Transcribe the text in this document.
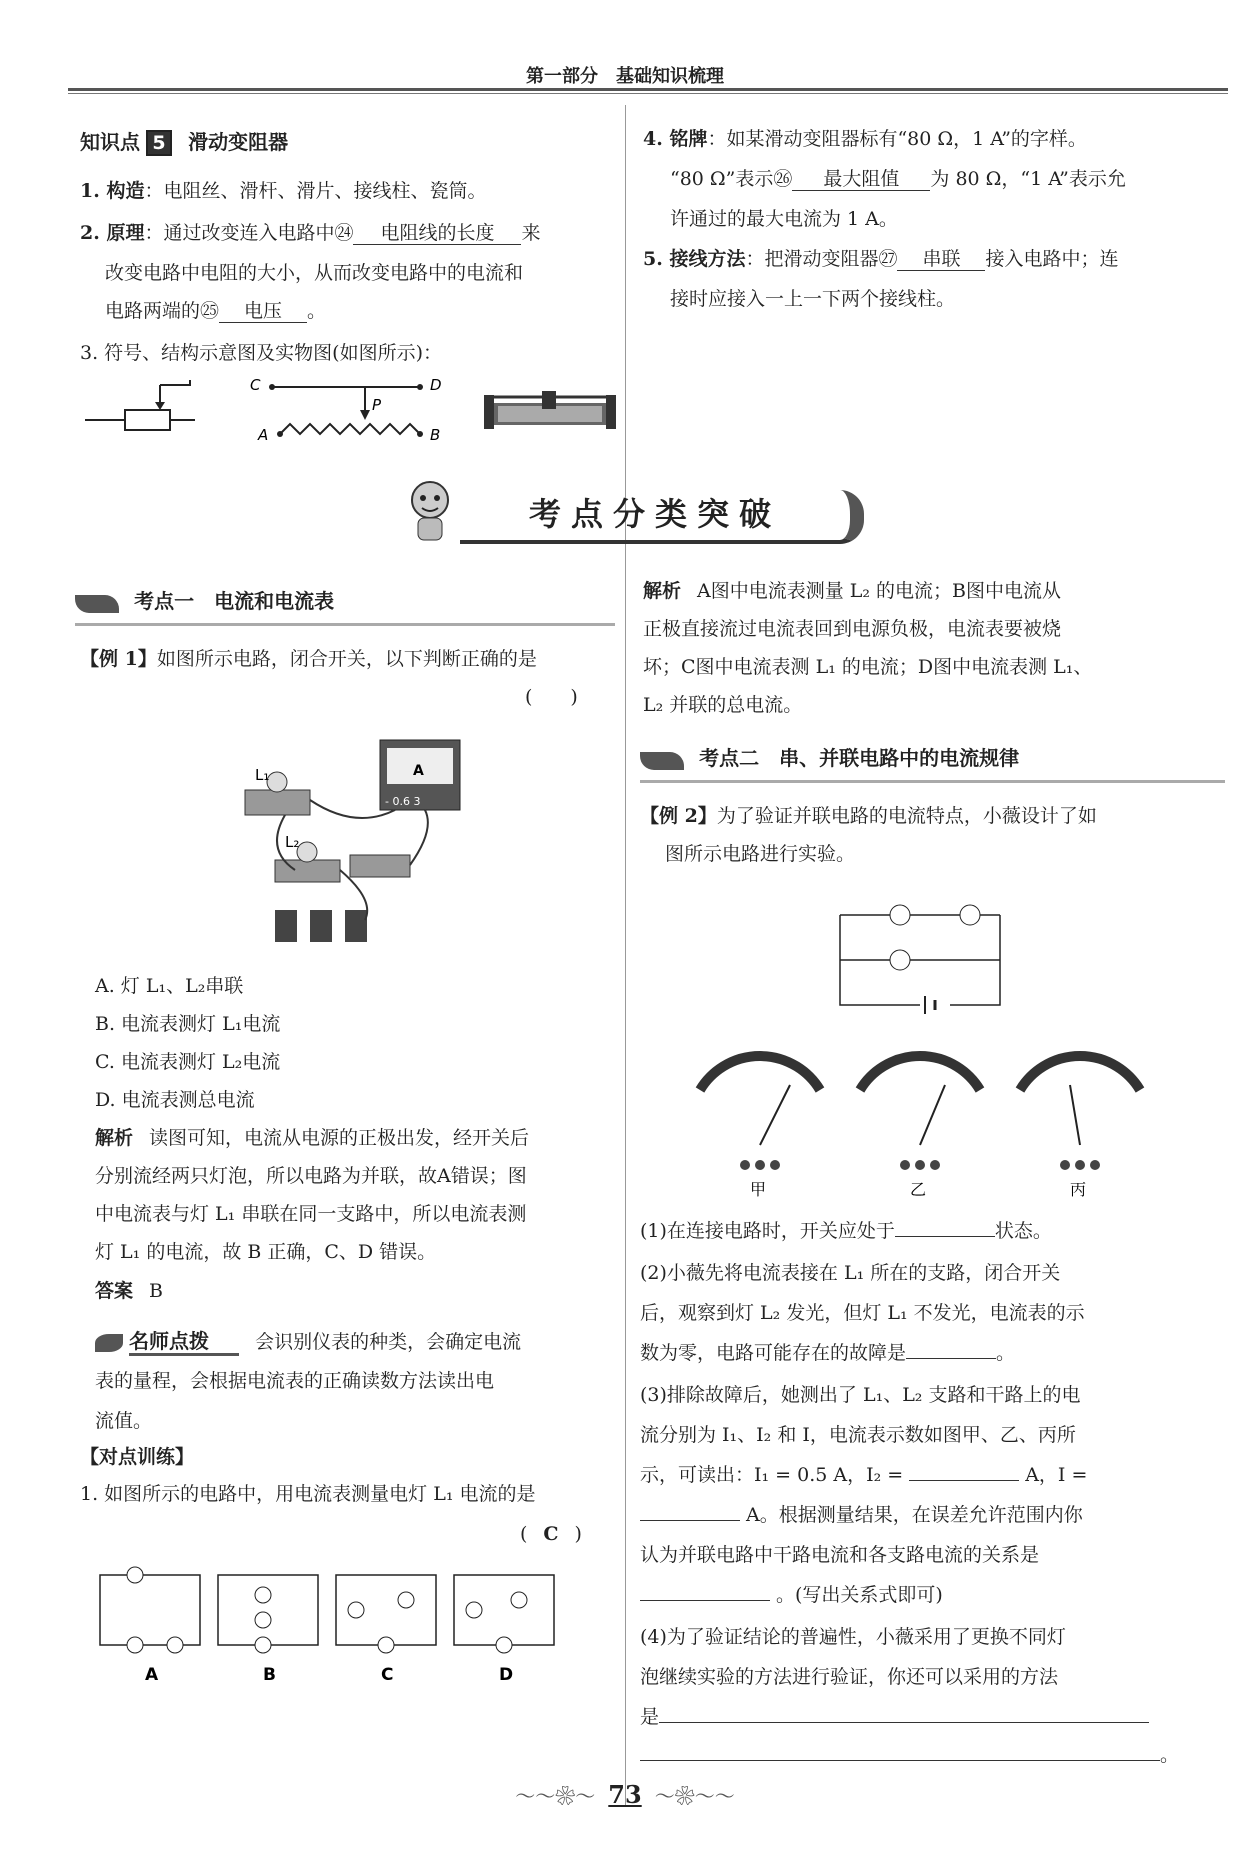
第一部分　基础知识梳理
知识点 5 滑动变阻器
1. 构造：电阻丝、滑杆、滑片、接线柱、瓷筒。
2. 原理：通过改变连入电路中㉔ 电阻线的长度 来
改变电路中电阻的大小，从而改变电路中的电流和
电路两端的㉕ 电压 。
3. 符号、结构示意图及实物图(如图所示)：
C	D
P
A	B
4. 铭牌：如某滑动变阻器标有“80 Ω，1 A”的字样。
“80 Ω”表示㉖ 最大阻值 为 80 Ω，“1 A”表示允
许通过的最大电流为 1 A。
5. 接线方法：把滑动变阻器㉗ 串联 接入电路中；连
接时应接入一上一下两个接线柱。
考点分类突破
考点一　电流和电流表
【例 1】如图所示电路，闭合开关，以下判断正确的是
(　　)
L₁	A
- 0.6 3
L₂
A. 灯 L₁、L₂串联
B. 电流表测灯 L₁电流
C. 电流表测灯 L₂电流
D. 电流表测总电流
解析 读图可知，电流从电源的正极出发，经开关后
分别流经两只灯泡，所以电路为并联，故A错误；图
中电流表与灯 L₁ 串联在同一支路中，所以电流表测
灯 L₁ 的电流，故 B 正确，C、D 错误。
答案 B
名师点拨 会识别仪表的种类，会确定电流
表的量程，会根据电流表的正确读数方法读出电
流值。
【对点训练】
1. 如图所示的电路中，用电流表测量电灯 L₁ 电流的是
( C )
A	B	C	D
解析 A图中电流表测量 L₂ 的电流；B图中电流从
正极直接流过电流表回到电源负极，电流表要被烧
坏；C图中电流表测 L₁ 的电流；D图中电流表测 L₁、
L₂ 并联的总电流。
考点二　串、并联电路中的电流规律
【例 2】为了验证并联电路的电流特点，小薇设计了如
图所示电路进行实验。
甲	乙	丙
(1)在连接电路时，开关应处于	状态。
(2)小薇先将电流表接在 L₁ 所在的支路，闭合开关
后，观察到灯 L₂ 发光，但灯 L₁ 不发光，电流表的示
数为零，电路可能存在的故障是	。
(3)排除故障后，她测出了 L₁、L₂ 支路和干路上的电
流分别为 I₁、I₂ 和 I，电流表示数如图甲、乙、丙所
示，可读出：I₁ = 0.5 A，I₂ =	A，I =
A。根据测量结果，在误差允许范围内你
认为并联电路中干路电流和各支路电流的关系是
。(写出关系式即可)
(4)为了验证结论的普遍性，小薇采用了更换不同灯
泡继续实验的方法进行验证，你还可以采用的方法
是
。
～～❀～ 73 ～❀～～
